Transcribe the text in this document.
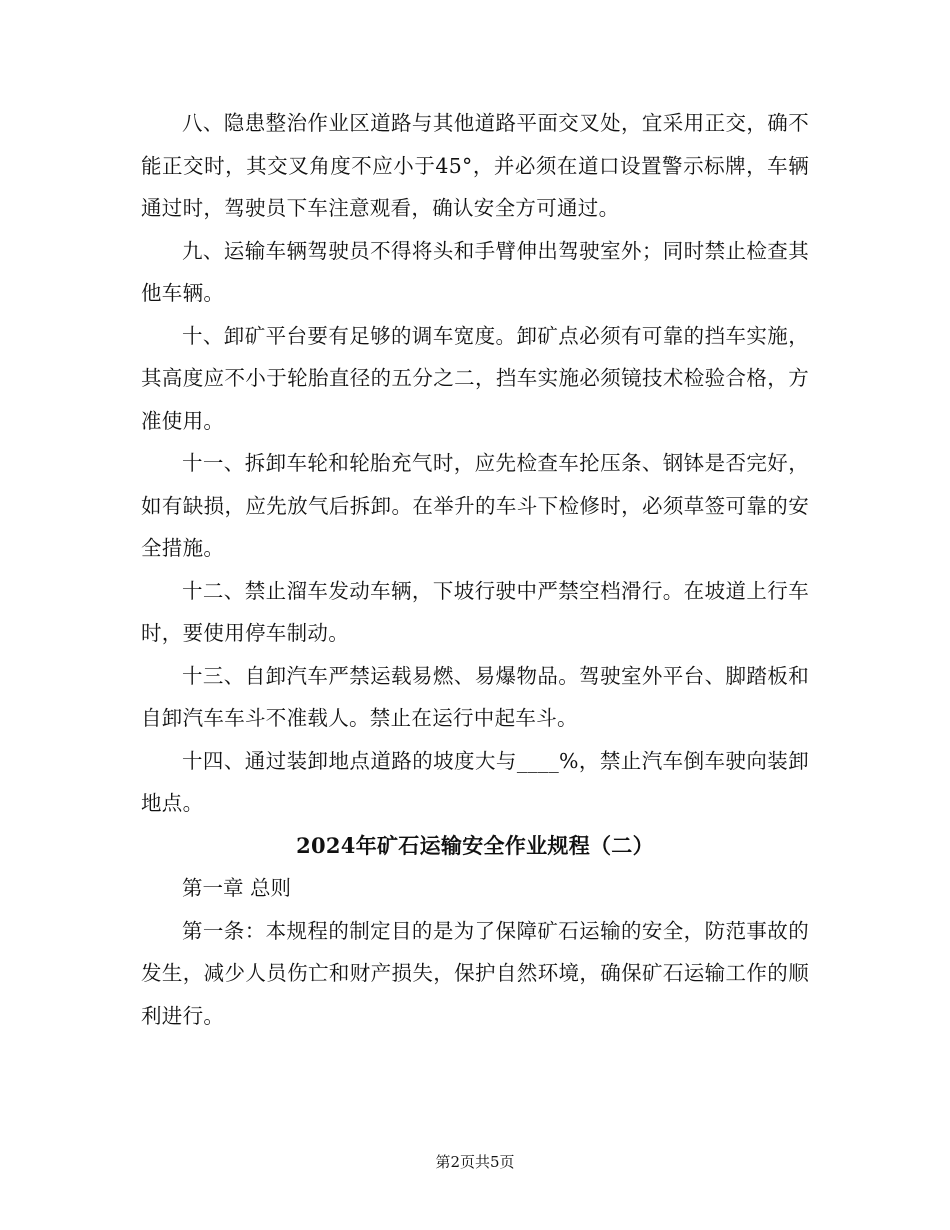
八、隐患整治作业区道路与其他道路平面交叉处，宜采用正交，确不能正交时，其交叉角度不应小于45°，并必须在道口设置警示标牌，车辆通过时，驾驶员下车注意观看，确认安全方可通过。

九、运输车辆驾驶员不得将头和手臂伸出驾驶室外；同时禁止检查其他车辆。

十、卸矿平台要有足够的调车宽度。卸矿点必须有可靠的挡车实施，其高度应不小于轮胎直径的五分之二，挡车实施必须镜技术检验合格，方准使用。

十一、拆卸车轮和轮胎充气时，应先检查车抡压条、钢钵是否完好，如有缺损，应先放气后拆卸。在举升的车斗下检修时，必须草签可靠的安全措施。

十二、禁止溜车发动车辆，下坡行驶中严禁空档滑行。在坡道上行车时，要使用停车制动。

十三、自卸汽车严禁运载易燃、易爆物品。驾驶室外平台、脚踏板和自卸汽车车斗不准载人。禁止在运行中起车斗。

十四、通过装卸地点道路的坡度大与____%，禁止汽车倒车驶向装卸地点。

2024年矿石运输安全作业规程（二）

第一章 总则

第一条：本规程的制定目的是为了保障矿石运输的安全，防范事故的发生，减少人员伤亡和财产损失，保护自然环境，确保矿石运输工作的顺利进行。

第2页共5页
